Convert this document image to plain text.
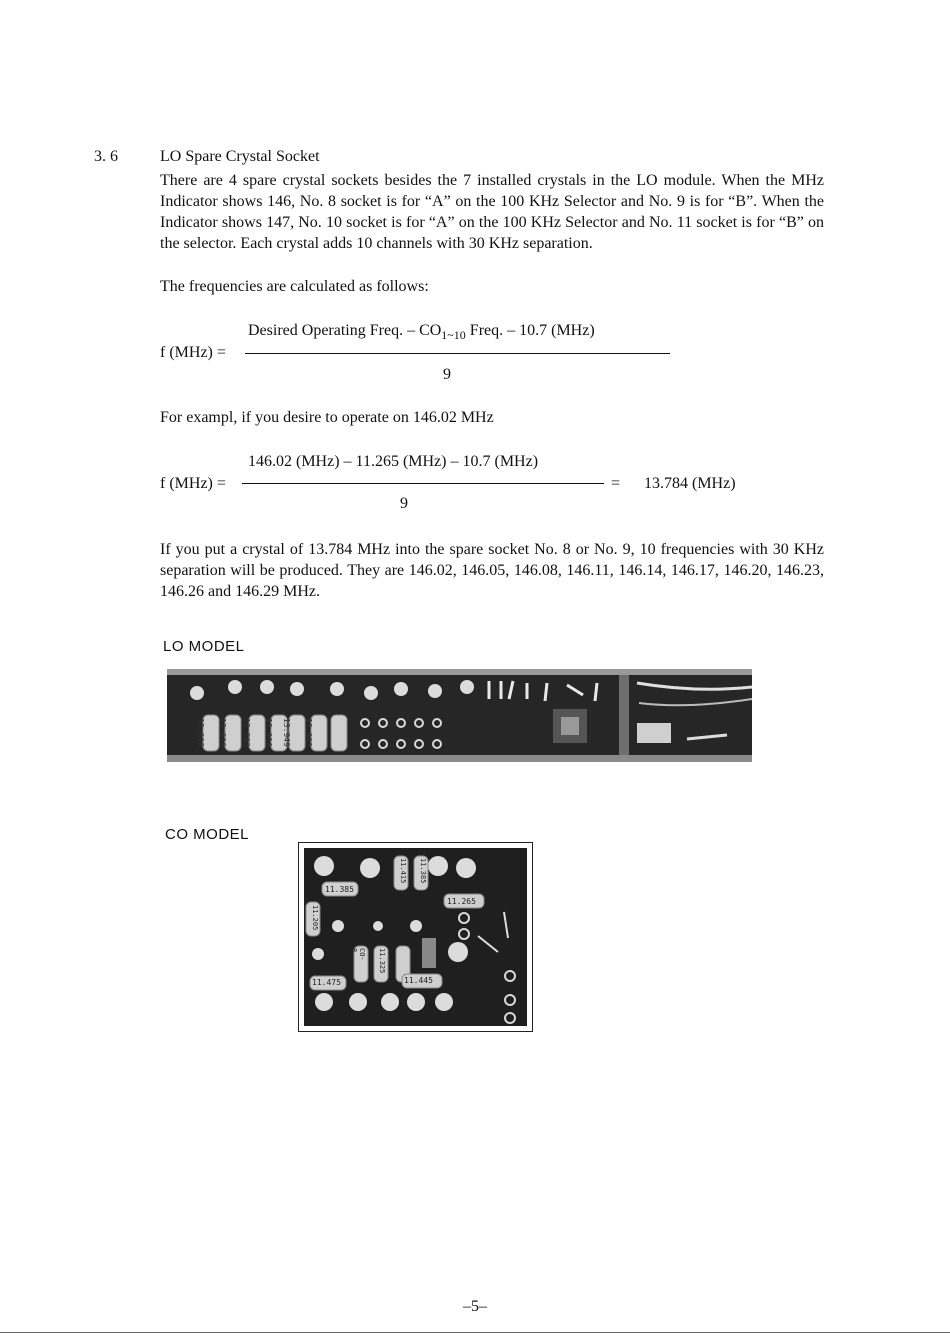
3. 6	LO Spare Crystal Socket

There are 4 spare crystal sockets besides the 7 installed crystals in the LO module. When the MHz Indicator shows 146, No. 8 socket is for “A” on the 100 KHz Selector and No. 9 is for “B”. When the Indicator shows 147, No. 10 socket is for “A” on the 100 KHz Selector and No. 11 socket is for “B” on the selector. Each crystal adds 10 channels with 30 KHz separation.

The frequencies are calculated as follows:
Desired Operating Freq. – $CO_{1\sim 10}$ Freq. – 10.7 (MHz)
f (MHz) =
9
For exampl, if you desire to operate on 146.02 MHz
146.02 (MHz) – 11.265 (MHz) – 10.7 (MHz)
f (MHz) =	= 13.784 (MHz)
9

If you put a crystal of 13.784 MHz into the spare socket No. 8 or No. 9, 10 frequencies with 30 KHz separation will be produced. They are 146.02, 146.05, 146.08, 146.11, 146.14, 146.17, 146.20, 146.23, 146.26 and 146.29 MHz.

LO MODEL
12.616 13.616 13.883 13.916 13.949 13.983
CO MODEL
11.385
11.415 11.385
11.265
11.205
11.325
CO-8
11.445
11.475
–5–
